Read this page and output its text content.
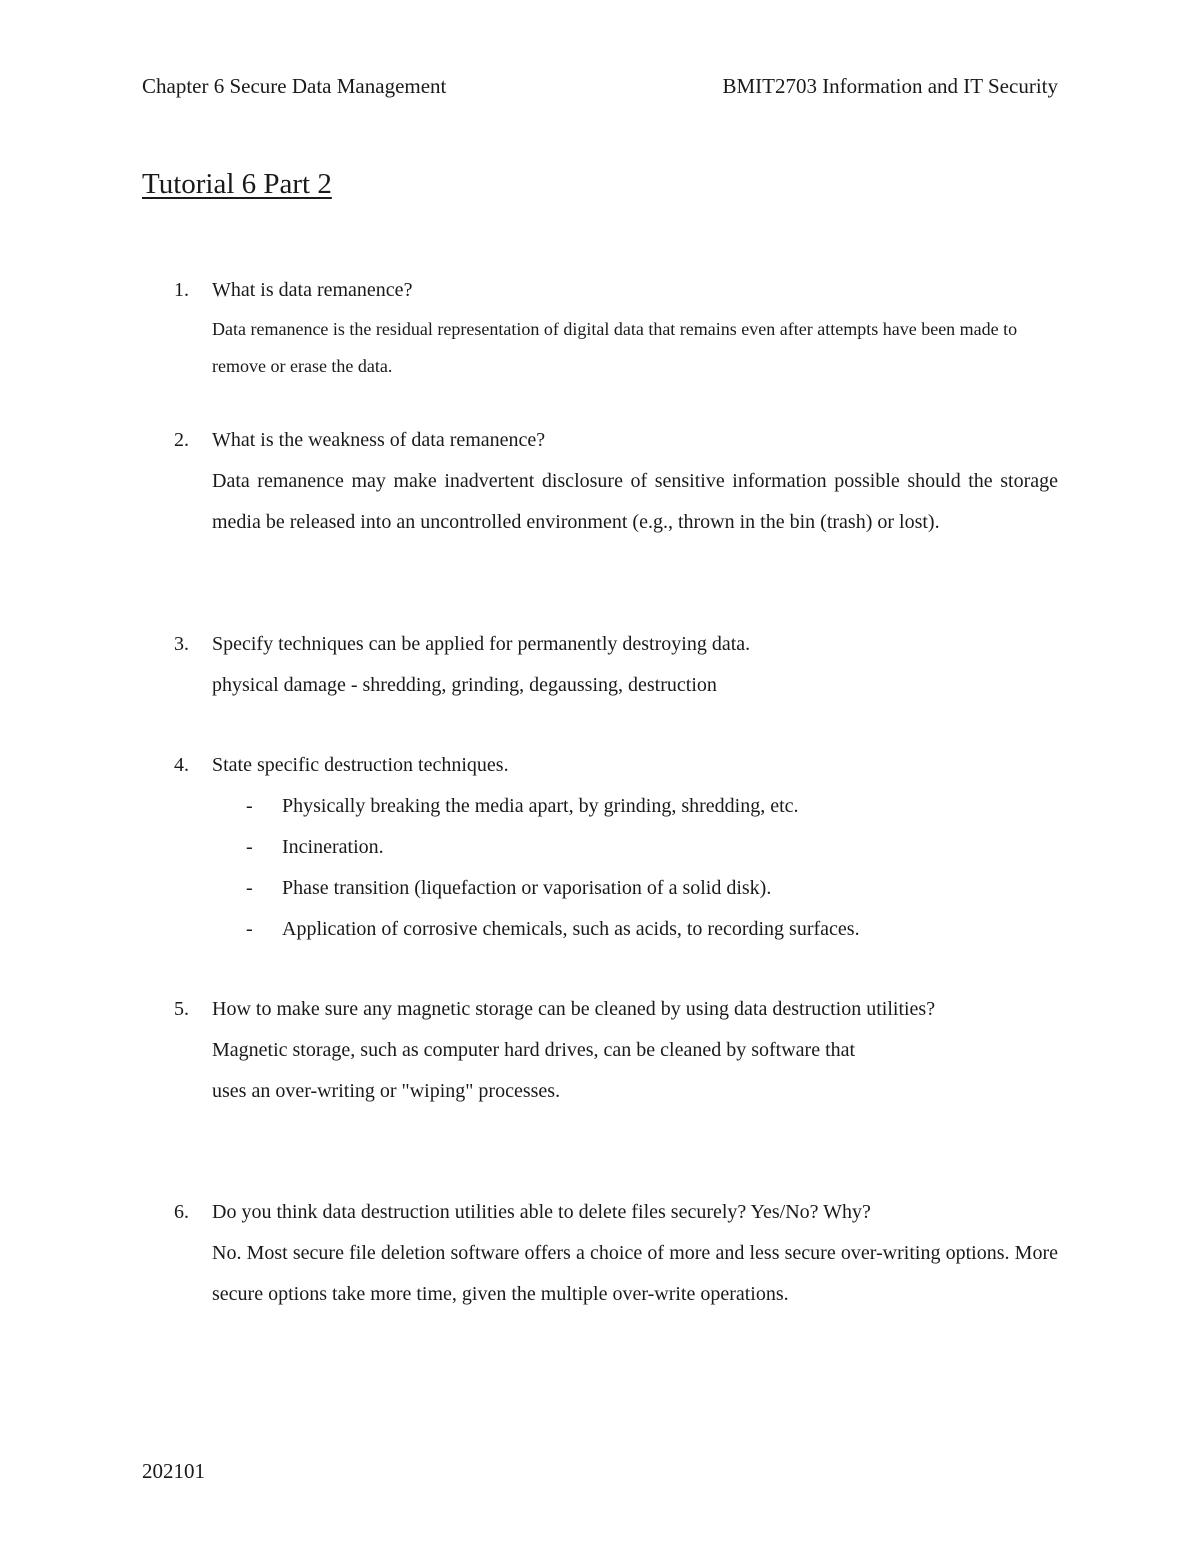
Chapter 6 Secure Data Management	BMIT2703 Information and IT Security
Tutorial 6 Part 2
1. What is data remanence?
Data remanence is the residual representation of digital data that remains even after attempts have been made to remove or erase the data.
2. What is the weakness of data remanence?
Data remanence may make inadvertent disclosure of sensitive information possible should the storage media be released into an uncontrolled environment (e.g., thrown in the bin (trash) or lost).
3. Specify techniques can be applied for permanently destroying data.
physical damage - shredding, grinding, degaussing, destruction
4. State specific destruction techniques.
- Physically breaking the media apart, by grinding, shredding, etc.
- Incineration.
- Phase transition (liquefaction or vaporisation of a solid disk).
- Application of corrosive chemicals, such as acids, to recording surfaces.
5. How to make sure any magnetic storage can be cleaned by using data destruction utilities?
Magnetic storage, such as computer hard drives, can be cleaned by software that
uses an over-writing or "wiping" processes.
6. Do you think data destruction utilities able to delete files securely? Yes/No? Why?
No. Most secure file deletion software offers a choice of more and less secure over-writing options. More secure options take more time, given the multiple over-write operations.
202101
